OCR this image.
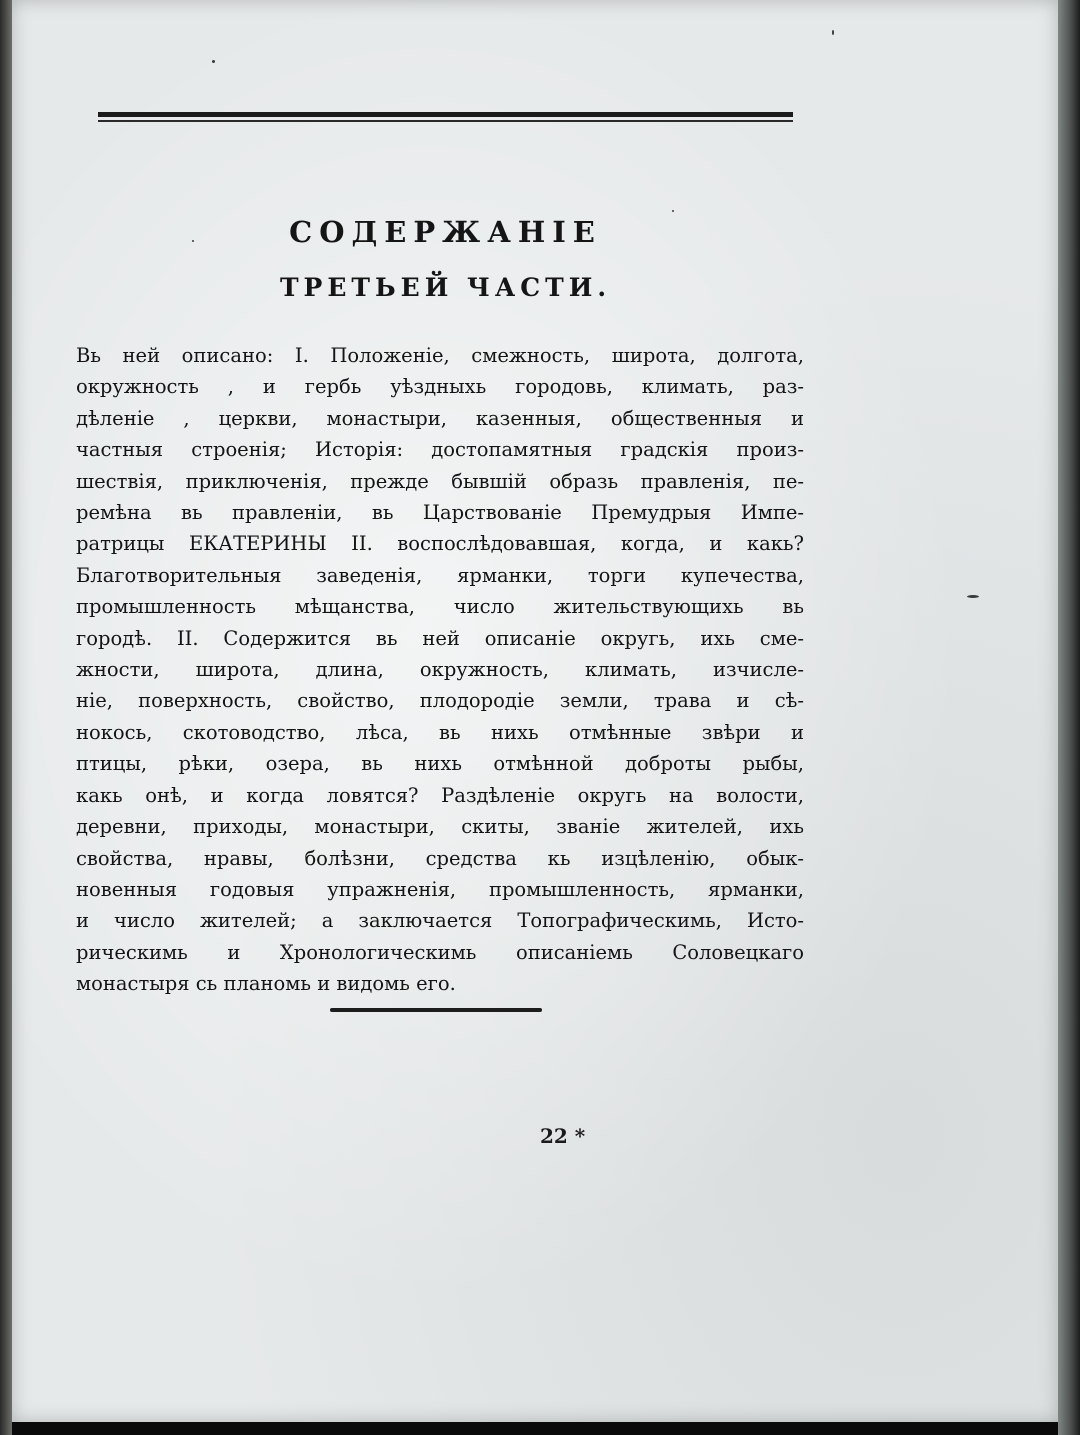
СОДЕРЖАНІЕ
ТРЕТЬЕЙ ЧАСТИ.

Вь ней описано: I. Положеніе, смежность, широта, долгота,
окружность , и гербь уѣздныхь городовь, климать, раз-
дѣленіе , церкви, монастыри, казенныя, общественныя и
частныя строенія; Исторія: достопамятныя градскія произ-
шествія, приключенія, прежде бывшій образь правленія, пе-
ремѣна вь правленіи, вь Царствованіе Премудрыя Импе-
ратрицы ЕКАТЕРИНЫ II. воспослѣдовавшая, когда, и какь?
Благотворительныя заведенія, ярманки, торги купечества,
промышленность мѣщанства, число жительствующихь вь
городѣ. II. Содержится вь ней описаніе округь, ихь сме-
жности, широта, длина, окружность, климать, изчисле-
ніе, поверхность, свойство, плодородіе земли, трава и сѣ-
нокось, скотоводство, лѣса, вь нихь отмѣнные звѣри и
птицы, рѣки, озера, вь нихь отмѣнной доброты рыбы,
какь онѣ, и когда ловятся? Раздѣленіе округь на волости,
деревни, приходы, монастыри, скиты, званіе жителей, ихь
свойства, нравы, болѣзни, средства кь изцѣленію, обык-
новенныя годовыя упражненія, промышленность, ярманки,
и число жителей; а заключается Топографическимь, Исто-
рическимь и Хронологическимь описаніемь Соловецкаго
монастыря сь планомь и видомь его.

22 *
